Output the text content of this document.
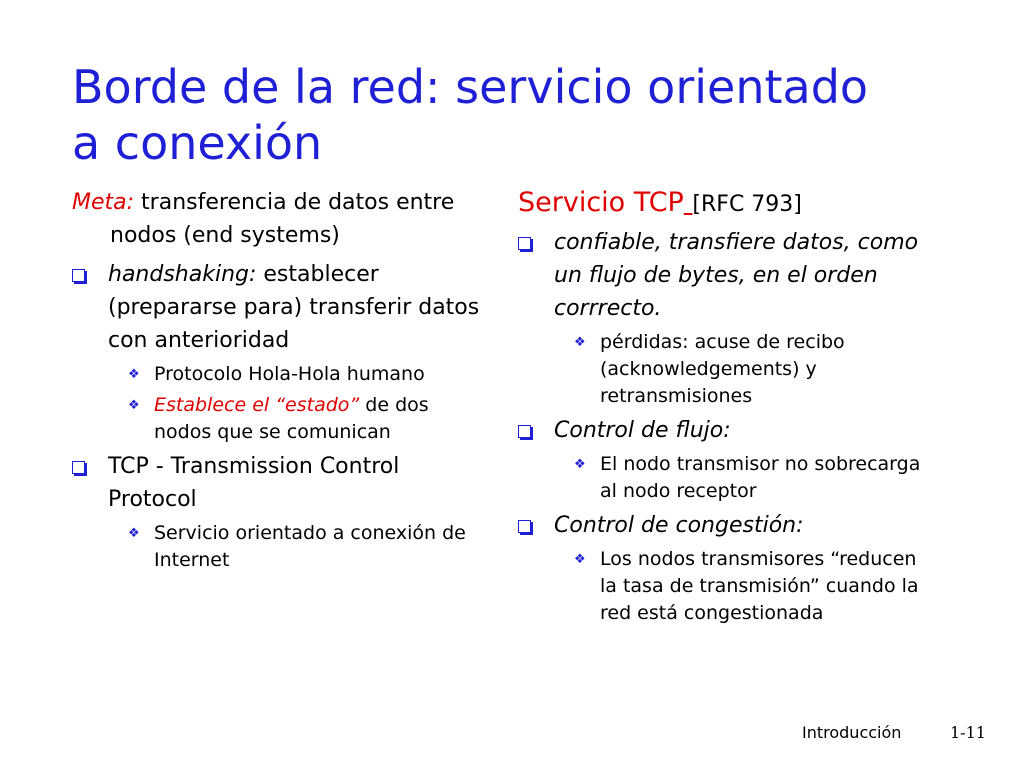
Borde de la red: servicio orientado
a conexión

Meta: transferencia de datos entre nodos (end systems)

handshaking: establecer (prepararse para) transferir datos con anterioridad
❖ Protocolo Hola-Hola humano
❖ Establece el “estado” de dos nodos que se comunican
TCP - Transmission Control Protocol
❖ Servicio orientado a conexión de Internet

Servicio TCP [RFC 793]

confiable, transfiere datos, como un flujo de bytes, en el orden corrrecto.
❖ pérdidas: acuse de recibo (acknowledgements) y retransmisiones
Control de flujo:
❖ El nodo transmisor no sobrecarga al nodo receptor
Control de congestión:
❖ Los nodos transmisores “reducen la tasa de transmisión” cuando la red está congestionada
Introducción	1-11
